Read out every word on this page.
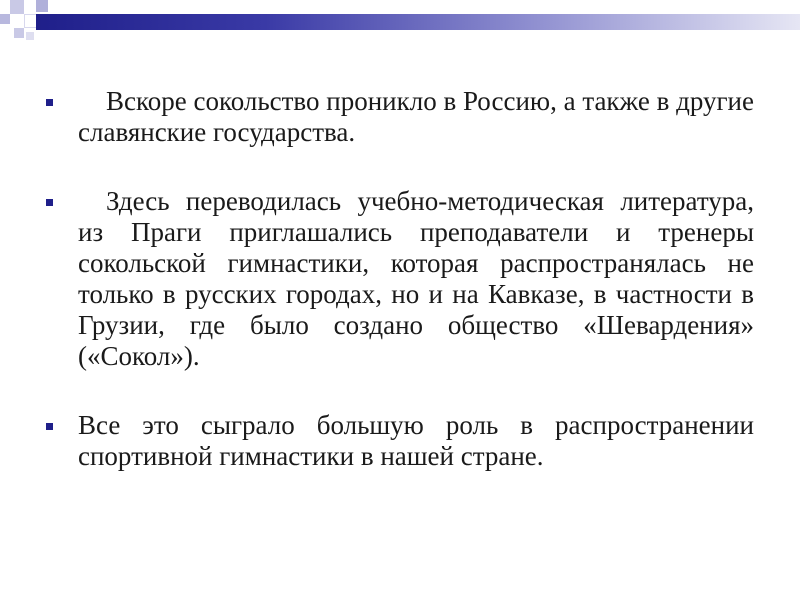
Вскоре сокольство проникло в Россию, а также в другие славянские государства.
Здесь переводилась учебно-методическая литература, из Праги приглашались преподаватели и тренеры сокольской гимнастики, которая распространялась не только в русских городах, но и на Кавказе, в частности в Грузии, где было создано общество «Шевардения» («Сокол»).
Все это сыграло большую роль в распространении спортивной гимнастики в нашей стране.
